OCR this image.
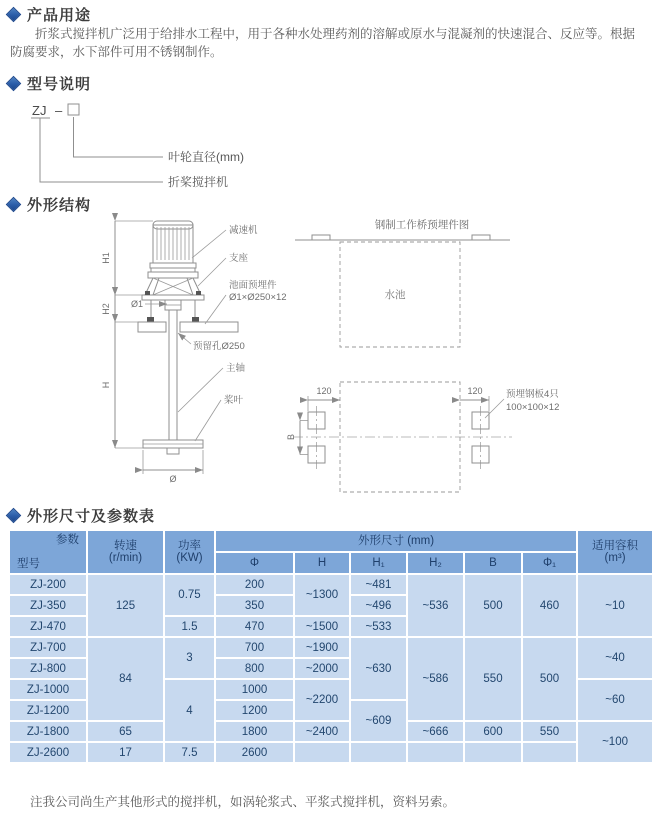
产品用途
折浆式搅拌机广泛用于给排水工程中，用于各种水处理药剂的溶解或原水与混凝剂的快速混合、反应等。根据防腐要求，水下部件可用不锈钢制作。
型号说明
ZJ –
叶轮直径(mm)
折桨搅拌机
外形结构
H1
H2
H
Ø
Ø1
减速机
支座
池面预埋件
Ø1×Ø250×12
预留孔Ø250
主轴
桨叶
钢制工作桥预埋件图
水池
120	120
B
预埋钢板4只
100×100×12
外形尺寸及参数表
参数
型号

转速
(r/min)

功率
(KW)
	外形尺寸 (mm)	适用容积
(m³)

			Φ	H	H₁	H₂	B	Φ₁	
ZJ-200	125	0.75	200	~1300	~481	~536	500	460	~10
ZJ-350			350		~496				
ZJ-470		1.5	470	~1500	~533				
ZJ-700	84	3	700	~1900	~630	~586	550	500	~40
ZJ-800			800	~2000					
ZJ-1000		4	1000	~2200					~60
ZJ-1200			1200		~609				
ZJ-1800	65		1800	~2400		~666	600	550	~100
ZJ-2600	17	7.5	2600						
注我公司尚生产其他形式的搅拌机，如涡轮浆式、平浆式搅拌机，资料另索。
